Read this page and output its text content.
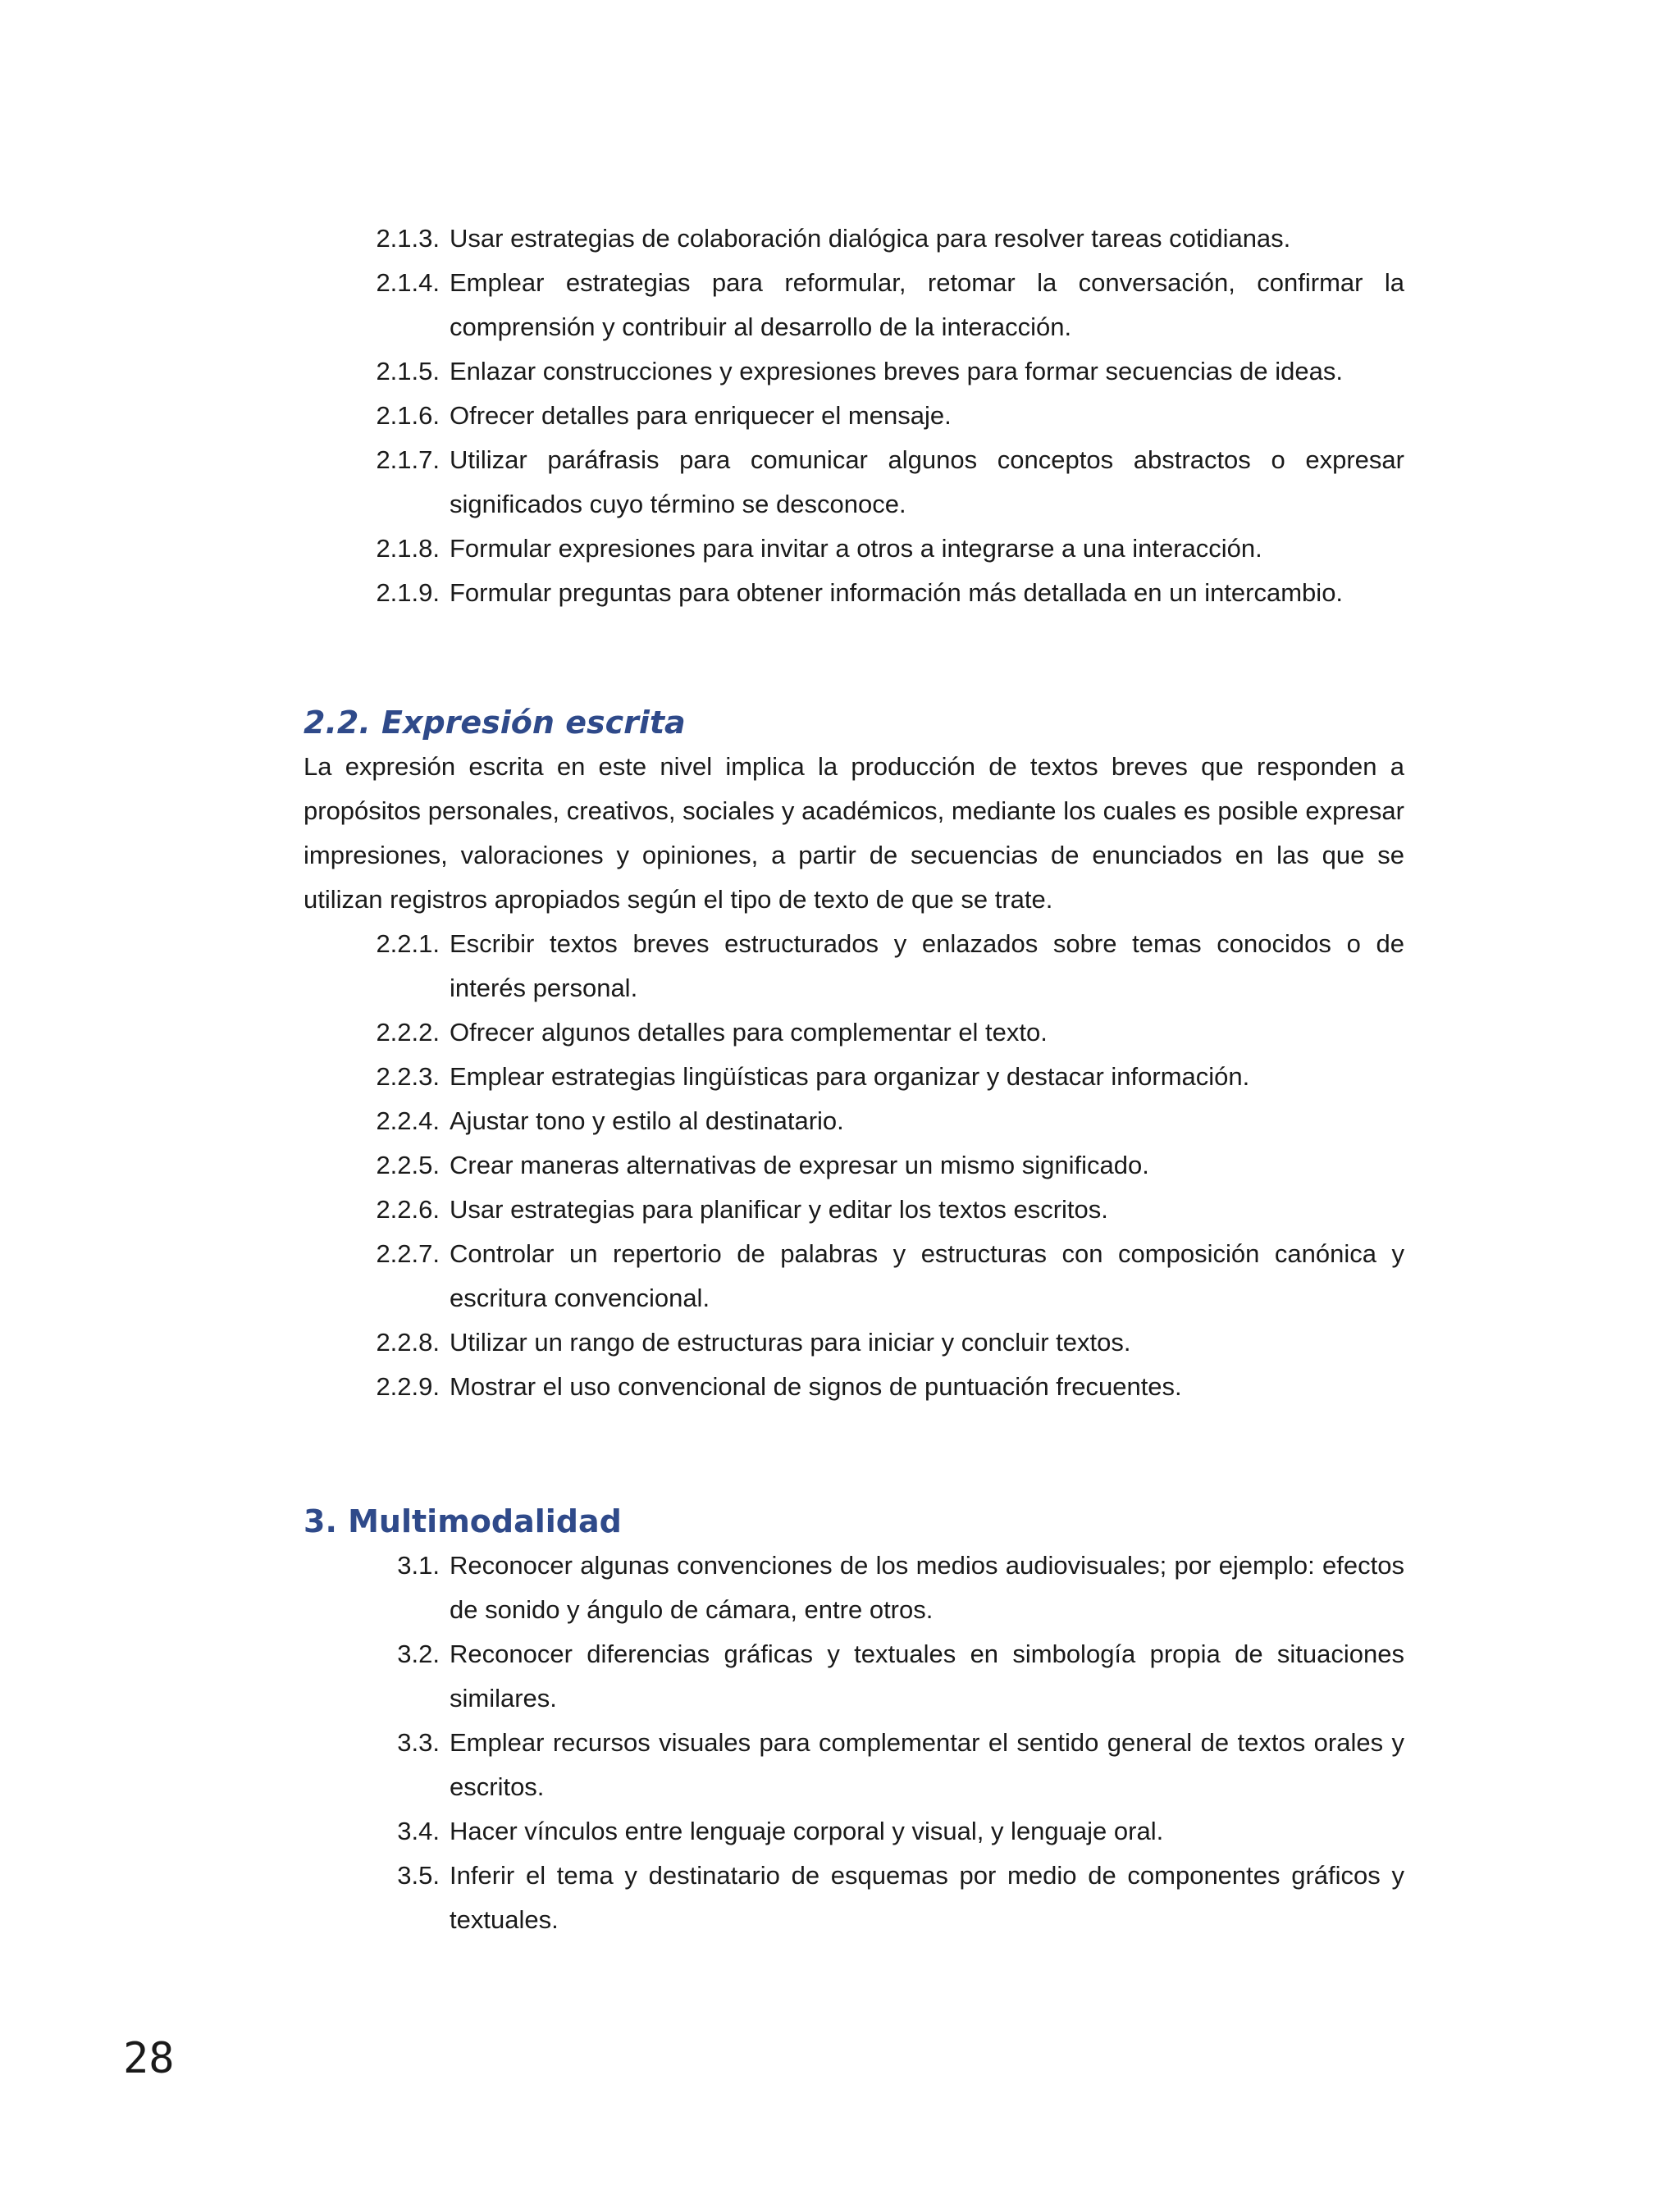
2.1.3. Usar estrategias de colaboración dialógica para resolver tareas cotidianas.
2.1.4. Emplear estrategias para reformular, retomar la conversación, confirmar la comprensión y contribuir al desarrollo de la interacción.
2.1.5. Enlazar construcciones y expresiones breves para formar secuencias de ideas.
2.1.6. Ofrecer detalles para enriquecer el mensaje.
2.1.7. Utilizar paráfrasis para comunicar algunos conceptos abstractos o expresar significados cuyo término se desconoce.
2.1.8. Formular expresiones para invitar a otros a integrarse a una interacción.
2.1.9. Formular preguntas para obtener información más detallada en un intercambio.
2.2. Expresión escrita

La expresión escrita en este nivel implica la producción de textos breves que responden a propósitos personales, creativos, sociales y académicos, mediante los cuales es posible expresar impresiones, valoraciones y opiniones, a partir de secuencias de enunciados en las que se utilizan registros apropiados según el tipo de texto de que se trate.

2.2.1. Escribir textos breves estructurados y enlazados sobre temas conocidos o de interés personal.
2.2.2. Ofrecer algunos detalles para complementar el texto.
2.2.3. Emplear estrategias lingüísticas para organizar y destacar información.
2.2.4. Ajustar tono y estilo al destinatario.
2.2.5. Crear maneras alternativas de expresar un mismo significado.
2.2.6. Usar estrategias para planificar y editar los textos escritos.
2.2.7. Controlar un repertorio de palabras y estructuras con composición canónica y escritura convencional.
2.2.8. Utilizar un rango de estructuras para iniciar y concluir textos.
2.2.9. Mostrar el uso convencional de signos de puntuación frecuentes.
3. Multimodalidad
3.1. Reconocer algunas convenciones de los medios audiovisuales; por ejemplo: efectos de sonido y ángulo de cámara, entre otros.
3.2. Reconocer diferencias gráficas y textuales en simbología propia de situaciones similares.
3.3. Emplear recursos visuales para complementar el sentido general de textos orales y escritos.
3.4. Hacer vínculos entre lenguaje corporal y visual, y lenguaje oral.
3.5. Inferir el tema y destinatario de esquemas por medio de componentes gráficos y textuales.
28
